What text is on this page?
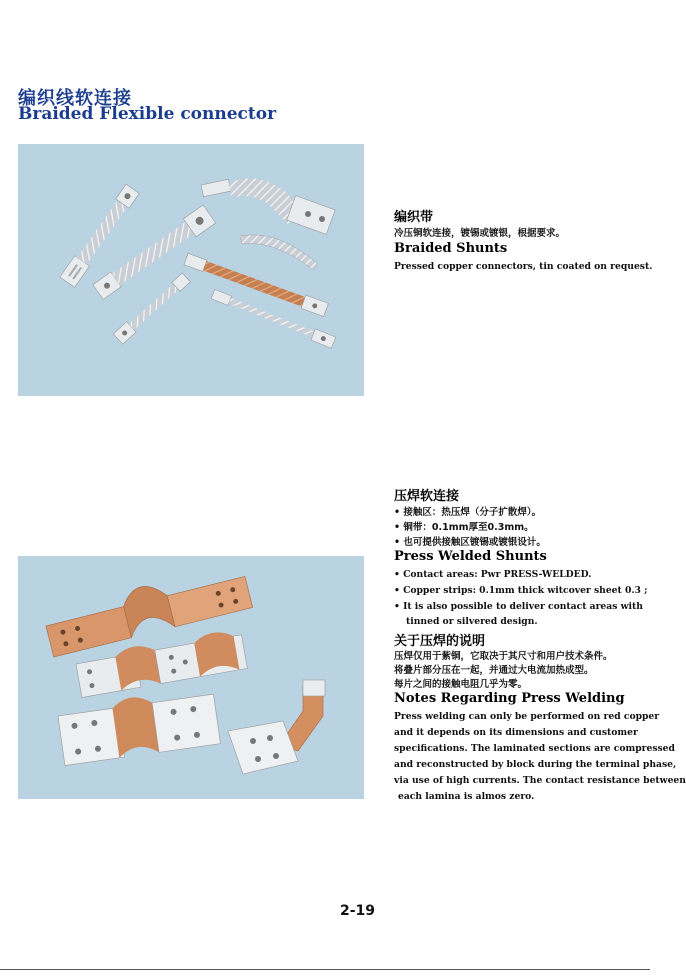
编织线软连接
Braided Flexible connector
编织带
冷压铜软连接，镀锡或镀银，根据要求。
Braided Shunts
Pressed copper connectors, tin coated on request.
压焊软连接
• 接触区：热压焊（分子扩散焊）。
• 铜带：0.1mm厚至0.3mm。
• 也可提供接触区镀锡或镀银设计。
Press Welded Shunts
• Contact areas: Pwr PRESS-WELDED.
• Copper strips: 0.1mm thick witcover sheet 0.3 ;
• It is also possible to deliver contact areas with
tinned or silvered design.
关于压焊的说明
压焊仅用于紫铜，它取决于其尺寸和用户技术条件。
将叠片部分压在一起，并通过大电流加热成型。
每片之间的接触电阻几乎为零。
Notes Regarding Press Welding
Press welding can only be performed on red copper
and it depends on its dimensions and customer
specifications. The laminated sections are compressed
and reconstructed by block during the terminal phase,
via use of high currents. The contact resistance between
each lamina is almos zero.
2-19
